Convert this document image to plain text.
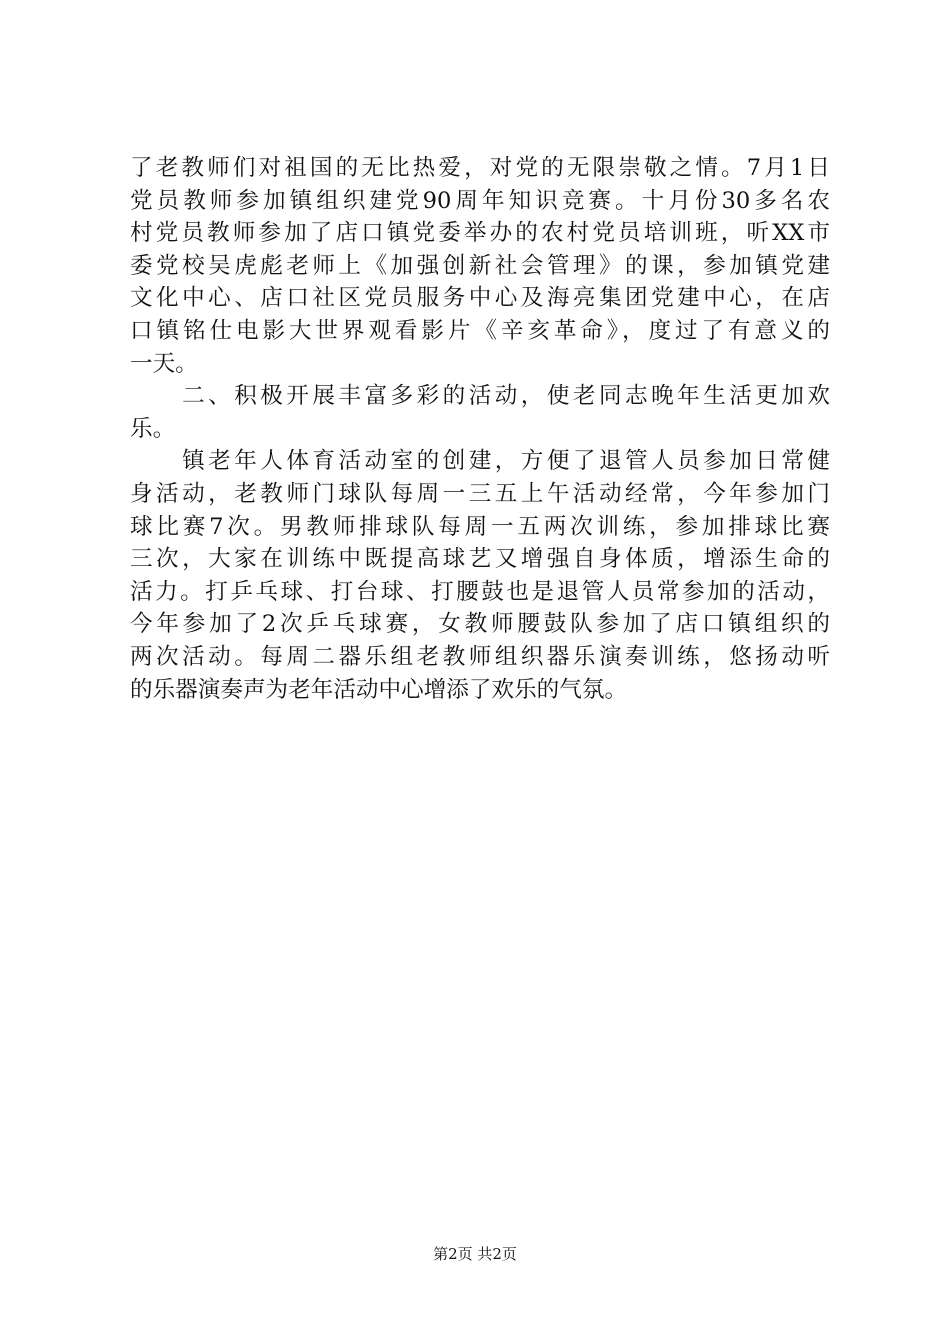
了老教师们对祖国的无比热爱，对党的无限崇敬之情。7月1日
党员教师参加镇组织建党90周年知识竞赛。十月份30多名农
村党员教师参加了店口镇党委举办的农村党员培训班，听XX市
委党校吴虎彪老师上《加强创新社会管理》的课，参加镇党建
文化中心、店口社区党员服务中心及海亮集团党建中心，在店
口镇铭仕电影大世界观看影片《辛亥革命》，度过了有意义的
一天。
　　二、积极开展丰富多彩的活动，使老同志晚年生活更加欢
乐。
　　镇老年人体育活动室的创建，方便了退管人员参加日常健
身活动，老教师门球队每周一三五上午活动经常，今年参加门
球比赛7次。男教师排球队每周一五两次训练，参加排球比赛
三次，大家在训练中既提高球艺又增强自身体质，增添生命的
活力。打乒乓球、打台球、打腰鼓也是退管人员常参加的活动，
今年参加了2次乒乓球赛，女教师腰鼓队参加了店口镇组织的
两次活动。每周二器乐组老教师组织器乐演奏训练，悠扬动听
的乐器演奏声为老年活动中心增添了欢乐的气氛。
第2页 共2页
